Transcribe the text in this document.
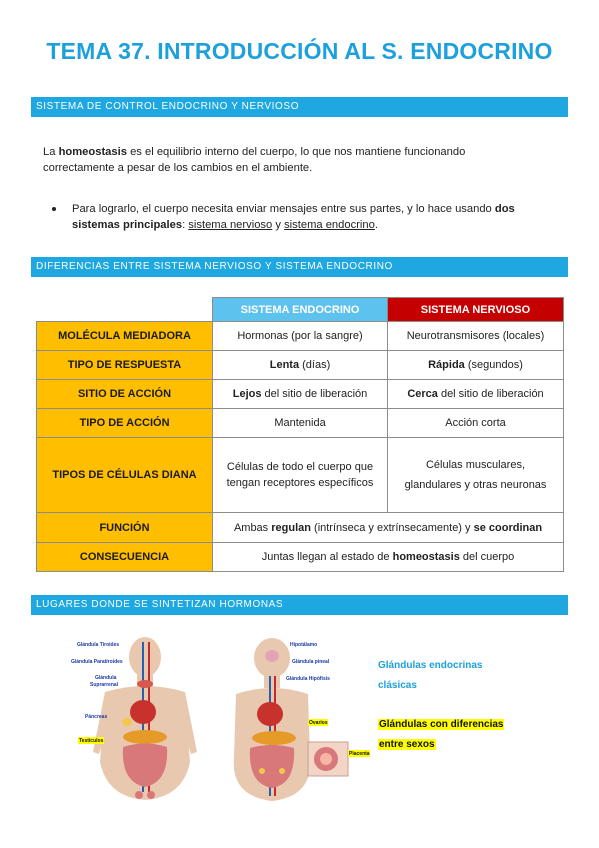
TEMA 37. INTRODUCCIÓN AL S. ENDOCRINO
SISTEMA DE CONTROL ENDOCRINO Y NERVIOSO
La homeostasis es el equilibrio interno del cuerpo, lo que nos mantiene funcionando correctamente a pesar de los cambios en el ambiente.
Para lograrlo, el cuerpo necesita enviar mensajes entre sus partes, y lo hace usando dos sistemas principales: sistema nervioso y sistema endocrino.
DIFERENCIAS ENTRE SISTEMA NERVIOSO Y SISTEMA ENDOCRINO
	SISTEMA ENDOCRINO	SISTEMA NERVIOSO
MOLÉCULA MEDIADORA	Hormonas (por la sangre)	Neurotransmisores (locales)
TIPO DE RESPUESTA	Lenta (días)	Rápida (segundos)
SITIO DE ACCIÓN	Lejos del sitio de liberación	Cerca del sitio de liberación
TIPO DE ACCIÓN	Mantenida	Acción corta
TIPOS DE CÉLULAS DIANA	Células de todo el cuerpo que tengan receptores específicos	Células musculares, glandulares y otras neuronas
FUNCIÓN	Ambas regulan (intrínseca y extrínsecamente) y se coordinan	
CONSECUENCIA	Juntas llegan al estado de homeostasis del cuerpo	
LUGARES DONDE SE SINTETIZAN HORMONAS
Glándula Tiroides
Glándula Paratiroides
Glándula
Suprarrenal
Páncreas
Testículos
Hipotálamo
Glándula pineal
Glándula Hipófisis
Ovarios
Placenta
Glándulas endocrinas
clásicas
Glándulas con diferencias
entre sexos
